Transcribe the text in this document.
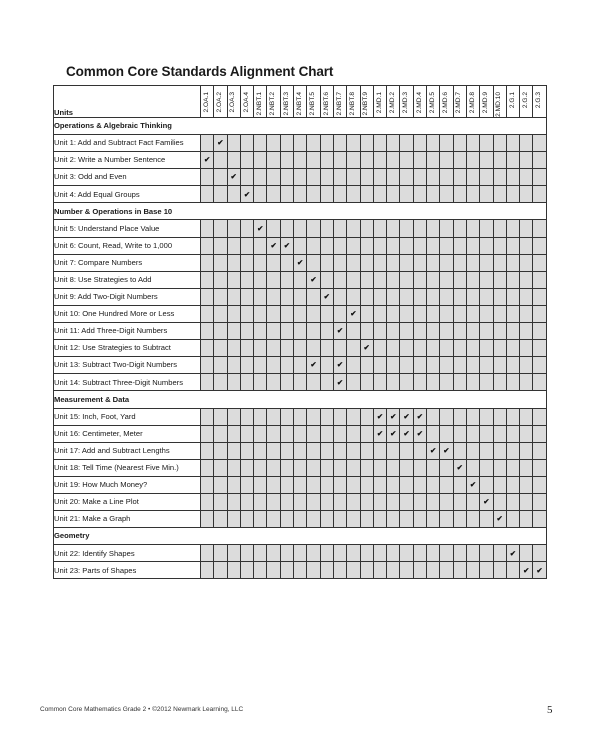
Common Core Standards Alignment Chart
Units	2.OA.1	2.OA.2	2.OA.3	2.OA.4	2.NBT.1	2.NBT.2	2.NBT.3	2.NBT.4	2.NBT.5	2.NBT.6	2.NBT.7	2.NBT.8	2.NBT.9	2.MD.1	2.MD.2	2.MD.3	2.MD.4	2.MD.5	2.MD.6	2.MD.7	2.MD.8	2.MD.9	2.MD.10	2.G.1	2.G.2	2.G.3

Operations & Algebraic Thinking																										
Unit 1: Add and Subtract Fact Families		✔																								
Unit 2: Write a Number Sentence	✔																									
Unit 3: Odd and Even			✔																							
Unit 4: Add Equal Groups				✔																						
Number & Operations in Base 10																										
Unit 5: Understand Place Value					✔																					
Unit 6: Count, Read, Write to 1,000						✔	✔																			
Unit 7: Compare Numbers								✔																		
Unit 8: Use Strategies to Add									✔																	
Unit 9: Add Two-Digit Numbers										✔																
Unit 10: One Hundred More or Less												✔														
Unit 11: Add Three-Digit Numbers											✔															
Unit 12: Use Strategies to Subtract													✔													
Unit 13: Subtract Two-Digit Numbers									✔		✔															
Unit 14: Subtract Three-Digit Numbers											✔															
Measurement & Data																										
Unit 15: Inch, Foot, Yard														✔	✔	✔	✔									
Unit 16: Centimeter, Meter														✔	✔	✔	✔									
Unit 17: Add and Subtract Lengths																		✔	✔							
Unit 18: Tell Time (Nearest Five Min.)																				✔						
Unit 19: How Much Money?																					✔					
Unit 20: Make a Line Plot																						✔				
Unit 21: Make a Graph																							✔			
Geometry																										
Unit 22: Identify Shapes																								✔		
Unit 23: Parts of Shapes																									✔	✔
Common Core Mathematics Grade 2 • ©2012 Newmark Learning, LLC	5
